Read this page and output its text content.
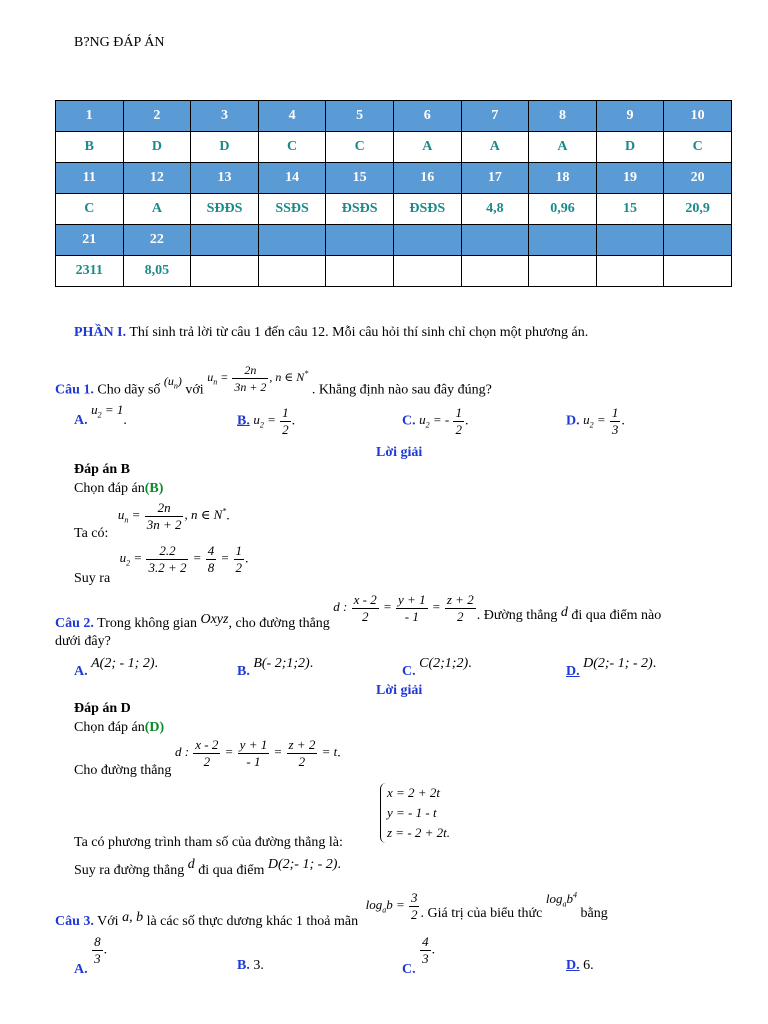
B?NG ĐÁP ÁN
1	2	3	4	5	6	7	8	9	10
B	D	D	C	C	A	A	A	D	C
11	12	13	14	15	16	17	18	19	20
C	A	SĐĐS	SSĐS	ĐSĐS	ĐSĐS	4,8	0,96	15	20,9
21	22								
2311	8,05								
PHẦN I. Thí sinh trả lời từ câu 1 đến câu 12. Mỗi câu hỏi thí sinh chỉ chọn một phương án.
Câu 1. Cho dãy số $(u_n)$ với $u_n = \frac{2n}{3n + 2}$ , n ∈ N* . Khẳng định nào sau đây đúng?
A. $u_2 = 1$.	B. $u_2 = \frac{1}{2}$ .	C. $u_2$ = - $\frac{1}{2}$ .	D. $u_2 = \frac{1}{3}$ .
Lời giải
Đáp án B
Chọn đáp án(B)
Ta có: $u_n = \frac{2n}{3n + 2}$ , n ∈ N*.
Suy ra $u_2 = \frac{2.2}{3.2 + 2} = \frac{4}{8} = \frac{1}{2}$ .
Câu 2. Trong không gian Oxyz, cho đường thẳng d : $\frac{x - 2}{2} = \frac{y + 1}{- 1} = \frac{z + 2}{2}$ . Đường thẳng d đi qua điểm nào
dưới đây?
A. A(2; - 1; 2).
B. B(- 2;1;2).
C. C(2;1;2).
D. D(2;- 1; - 2).
Lời giải
Đáp án D
Chọn đáp án(D)
Cho đường thẳng d : $\frac{x - 2}{2} = \frac{y + 1}{- 1} = \frac{z + 2}{2} = t$.
x = 2 + 2t
y = - 1 - t
z = - 2 + 2t .
Ta có phương trình tham số của đường thẳng là:
Suy ra đường thẳng d đi qua điểm D(2;- 1; - 2).
Câu 3. Với a, b là các số thực dương khác 1 thoả mãn $\log_ab = \frac{3}{2}$ . Giá trị của biểu thức $\log_ab^4$ bằng
A.
$\frac{8}{3}$ .
B. 3.	C.
$\frac{4}{3}$ .
D. 6.
